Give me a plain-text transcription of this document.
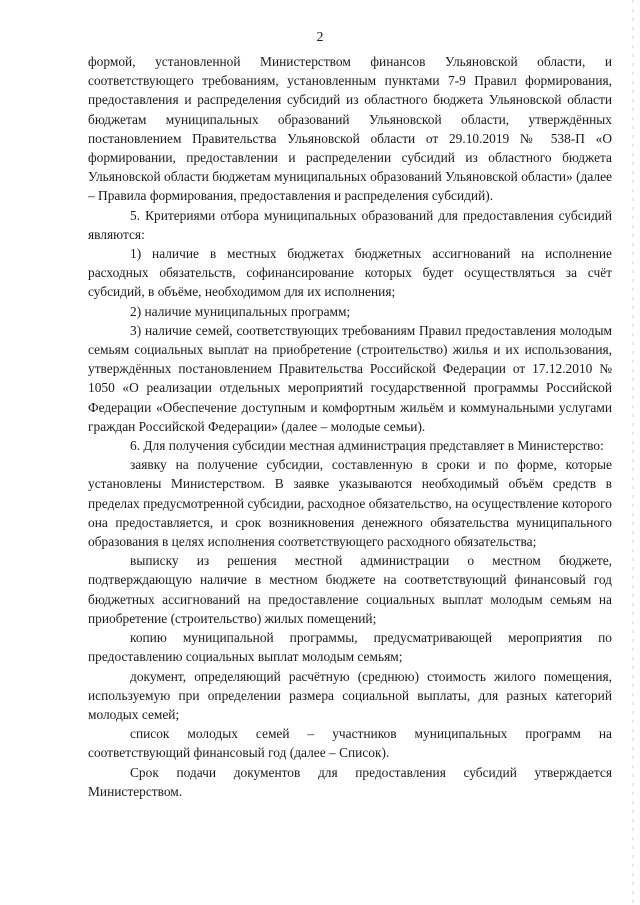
2

формой, установленной Министерством финансов Ульяновской области, и соответствующего требованиям, установленным пунктами 7-9 Правил формирования, предоставления и распределения субсидий из областного бюджета Ульяновской области бюджетам муниципальных образований Ульяновской области, утверждённых постановлением Правительства Ульяновской области от 29.10.2019 № 538-П «О формировании, предоставлении и распределении субсидий из областного бюджета Ульяновской области бюджетам муниципальных образований Ульяновской области» (далее – Правила формирования, предоставления и распределения субсидий).

5. Критериями отбора муниципальных образований для предоставления субсидий являются:

1) наличие в местных бюджетах бюджетных ассигнований на исполнение расходных обязательств, софинансирование которых будет осуществляться за счёт субсидий, в объёме, необходимом для их исполнения;

2) наличие муниципальных программ;

3) наличие семей, соответствующих требованиям Правил предоставления молодым семьям социальных выплат на приобретение (строительство) жилья и их использования, утверждённых постановлением Правительства Российской Федерации от 17.12.2010 № 1050 «О реализации отдельных мероприятий государственной программы Российской Федерации «Обеспечение доступным и комфортным жильём и коммунальными услугами граждан Российской Федерации» (далее – молодые семьи).

6. Для получения субсидии местная администрация представляет в Министерство:

заявку на получение субсидии, составленную в сроки и по форме, которые установлены Министерством. В заявке указываются необходимый объём средств в пределах предусмотренной субсидии, расходное обязательство, на осуществление которого она предоставляется, и срок возникновения денежного обязательства муниципального образования в целях исполнения соответствующего расходного обязательства;

выписку из решения местной администрации о местном бюджете, подтверждающую наличие в местном бюджете на соответствующий финансовый год бюджетных ассигнований на предоставление социальных выплат молодым семьям на приобретение (строительство) жилых помещений;

копию муниципальной программы, предусматривающей мероприятия по предоставлению социальных выплат молодым семьям;

документ, определяющий расчётную (среднюю) стоимость жилого помещения, используемую при определении размера социальной выплаты, для разных категорий молодых семей;

список молодых семей – участников муниципальных программ на соответствующий финансовый год (далее – Список).

Срок подачи документов для предоставления субсидий утверждается Министерством.
